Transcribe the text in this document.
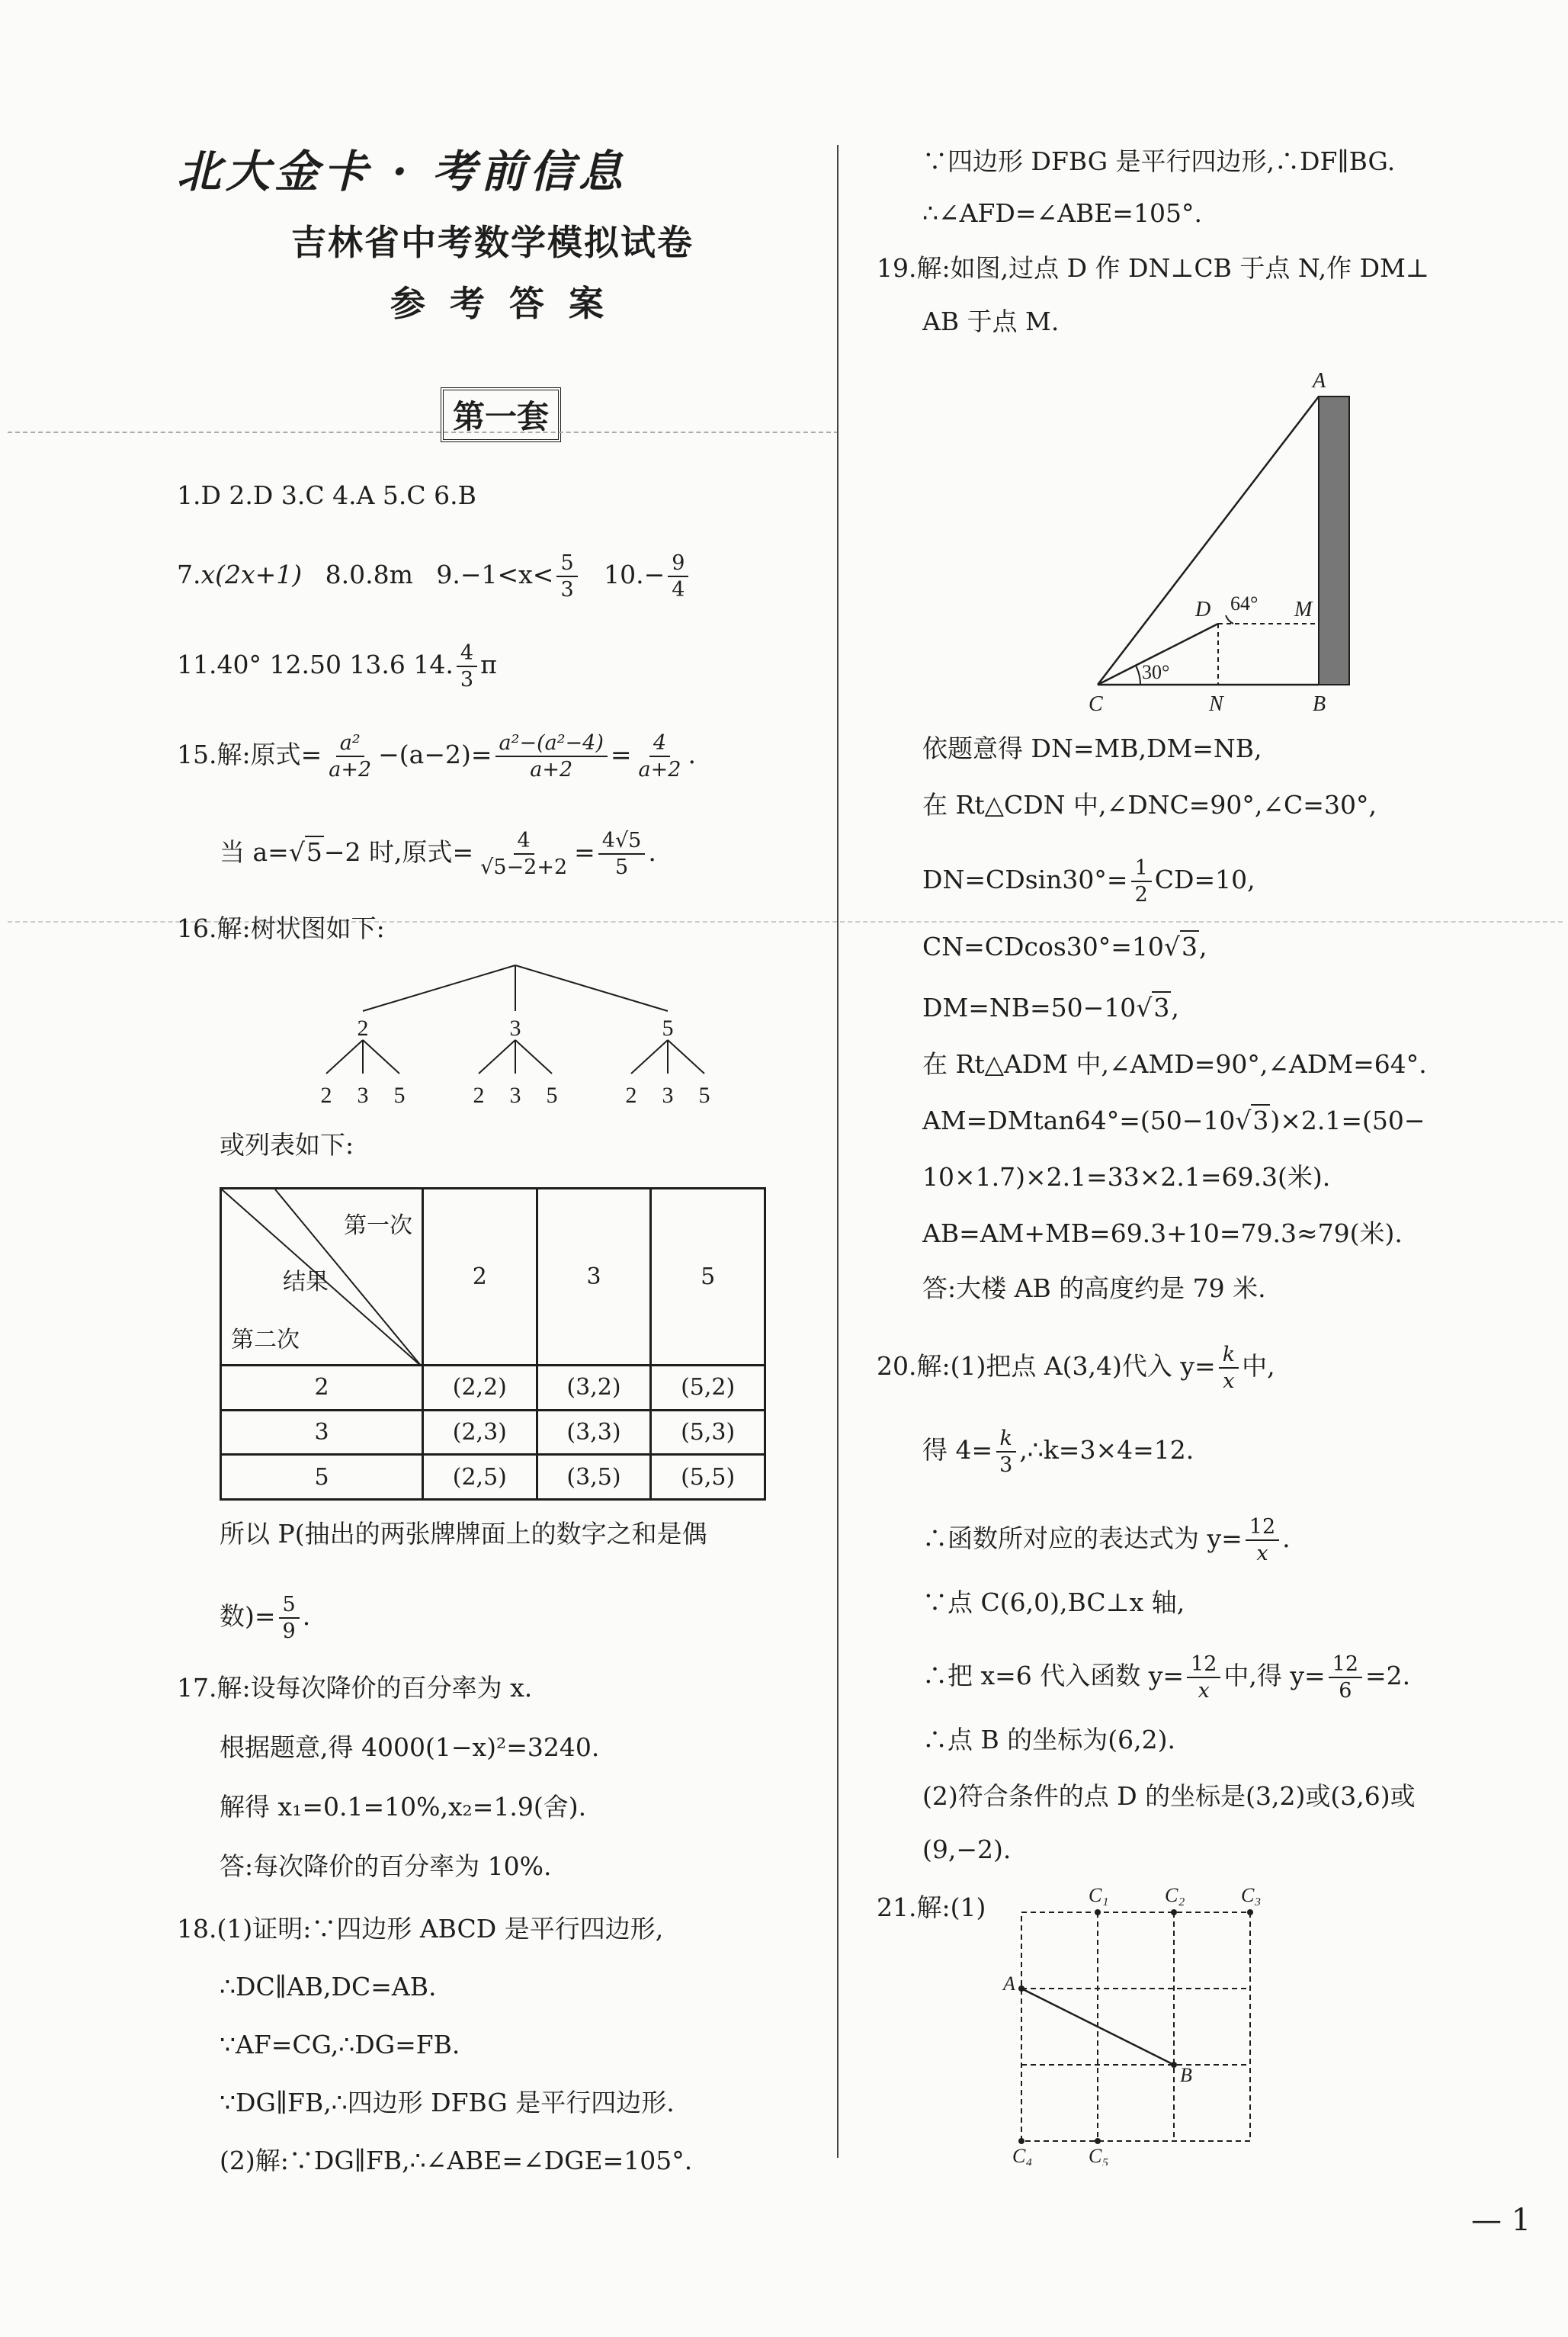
北大金卡 · 考前信息
吉林省中考数学模拟试卷
参 考 答 案
第一套
1.D 2.D 3.C 4.A 5.C 6.B
7.x(2x+1) 8.0.8m $9.-1<x< \frac{5}{3} 10.- \frac{9}{4}$
11.40° 12.50 13.6 14. $\frac{4}{3}$ π
15.解:原式= $\frac{\text{a²}}{a+2} -(a-2)= \frac{\text{a²−(a²−4)}}{a+2} = \frac{4}{a+2}$ .
当 a=√5−2 时,原式= $\frac{4}{√5-2+2} = \frac{4√5}{5}$ .
16.解:树状图如下:
2	3	5
2 3 5	2 3 5	2 3 5
或列表如下:
第一次
结果
第二次	2	3	5
2	(2,2)	(3,2)	(5,2)
3	(2,3)	(3,3)	(5,3)
5	(2,5)	(3,5)	(5,5)
所以 P(抽出的两张牌牌面上的数字之和是偶
数)= $\frac{5}{9}$ .
17.解:设每次降价的百分率为 x.
根据题意,得 4000(1−x)²=3240.
解得 x₁=0.1=10%,x₂=1.9(舍).
答:每次降价的百分率为 10%.
18.(1)证明:∵四边形 ABCD 是平行四边形,
∴DC∥AB,DC=AB.
∵AF=CG,∴DG=FB.
∵DG∥FB,∴四边形 DFBG 是平行四边形.
(2)解:∵DG∥FB,∴∠ABE=∠DGE=105°.
∵四边形 DFBG 是平行四边形,∴DF∥BG.
∴∠AFD=∠ABE=105°.
19.解:如图,过点 D 作 DN⊥CB 于点 N,作 DM⊥
AB 于点 M.
A
D	M
C	N	B
64°
30°
依题意得 DN=MB,DM=NB,
在 Rt△CDN 中,∠DNC=90°,∠C=30°,
$DN=CDsin30^\circ= \frac{1}{2} CD=10$,
CN=CDcos30°=10√3,
DM=NB=50−10√3,
在 Rt△ADM 中,∠AMD=90°,∠ADM=64°.
AM=DMtan64°=(50−10√3)×2.1=(50−
10×1.7)×2.1=33×2.1=69.3(米).
AB=AM+MB=69.3+10=79.3≈79(米).
答:大楼 AB 的高度约是 79 米.
20.解:(1)把点 A(3,4)代入 $y= \frac{k}{x}$ 中,
得 $4= \frac{k}{3}$ ,∴k=3×4=12.
∴函数所对应的表达式为 $y= \frac{12}{x}$ .
∵点 C(6,0),BC⊥x 轴,
∴把 x=6 代入函数 $y= \frac{12}{x}$ 中,得 $y= \frac{12}{6} =2$.
∴点 B 的坐标为(6,2).
(2)符合条件的点 D 的坐标是(3,2)或(3,6)或
(9,−2).
21.解:(1)	C₁	C₂	C₃
A
B
C₄	C₅
— 1
